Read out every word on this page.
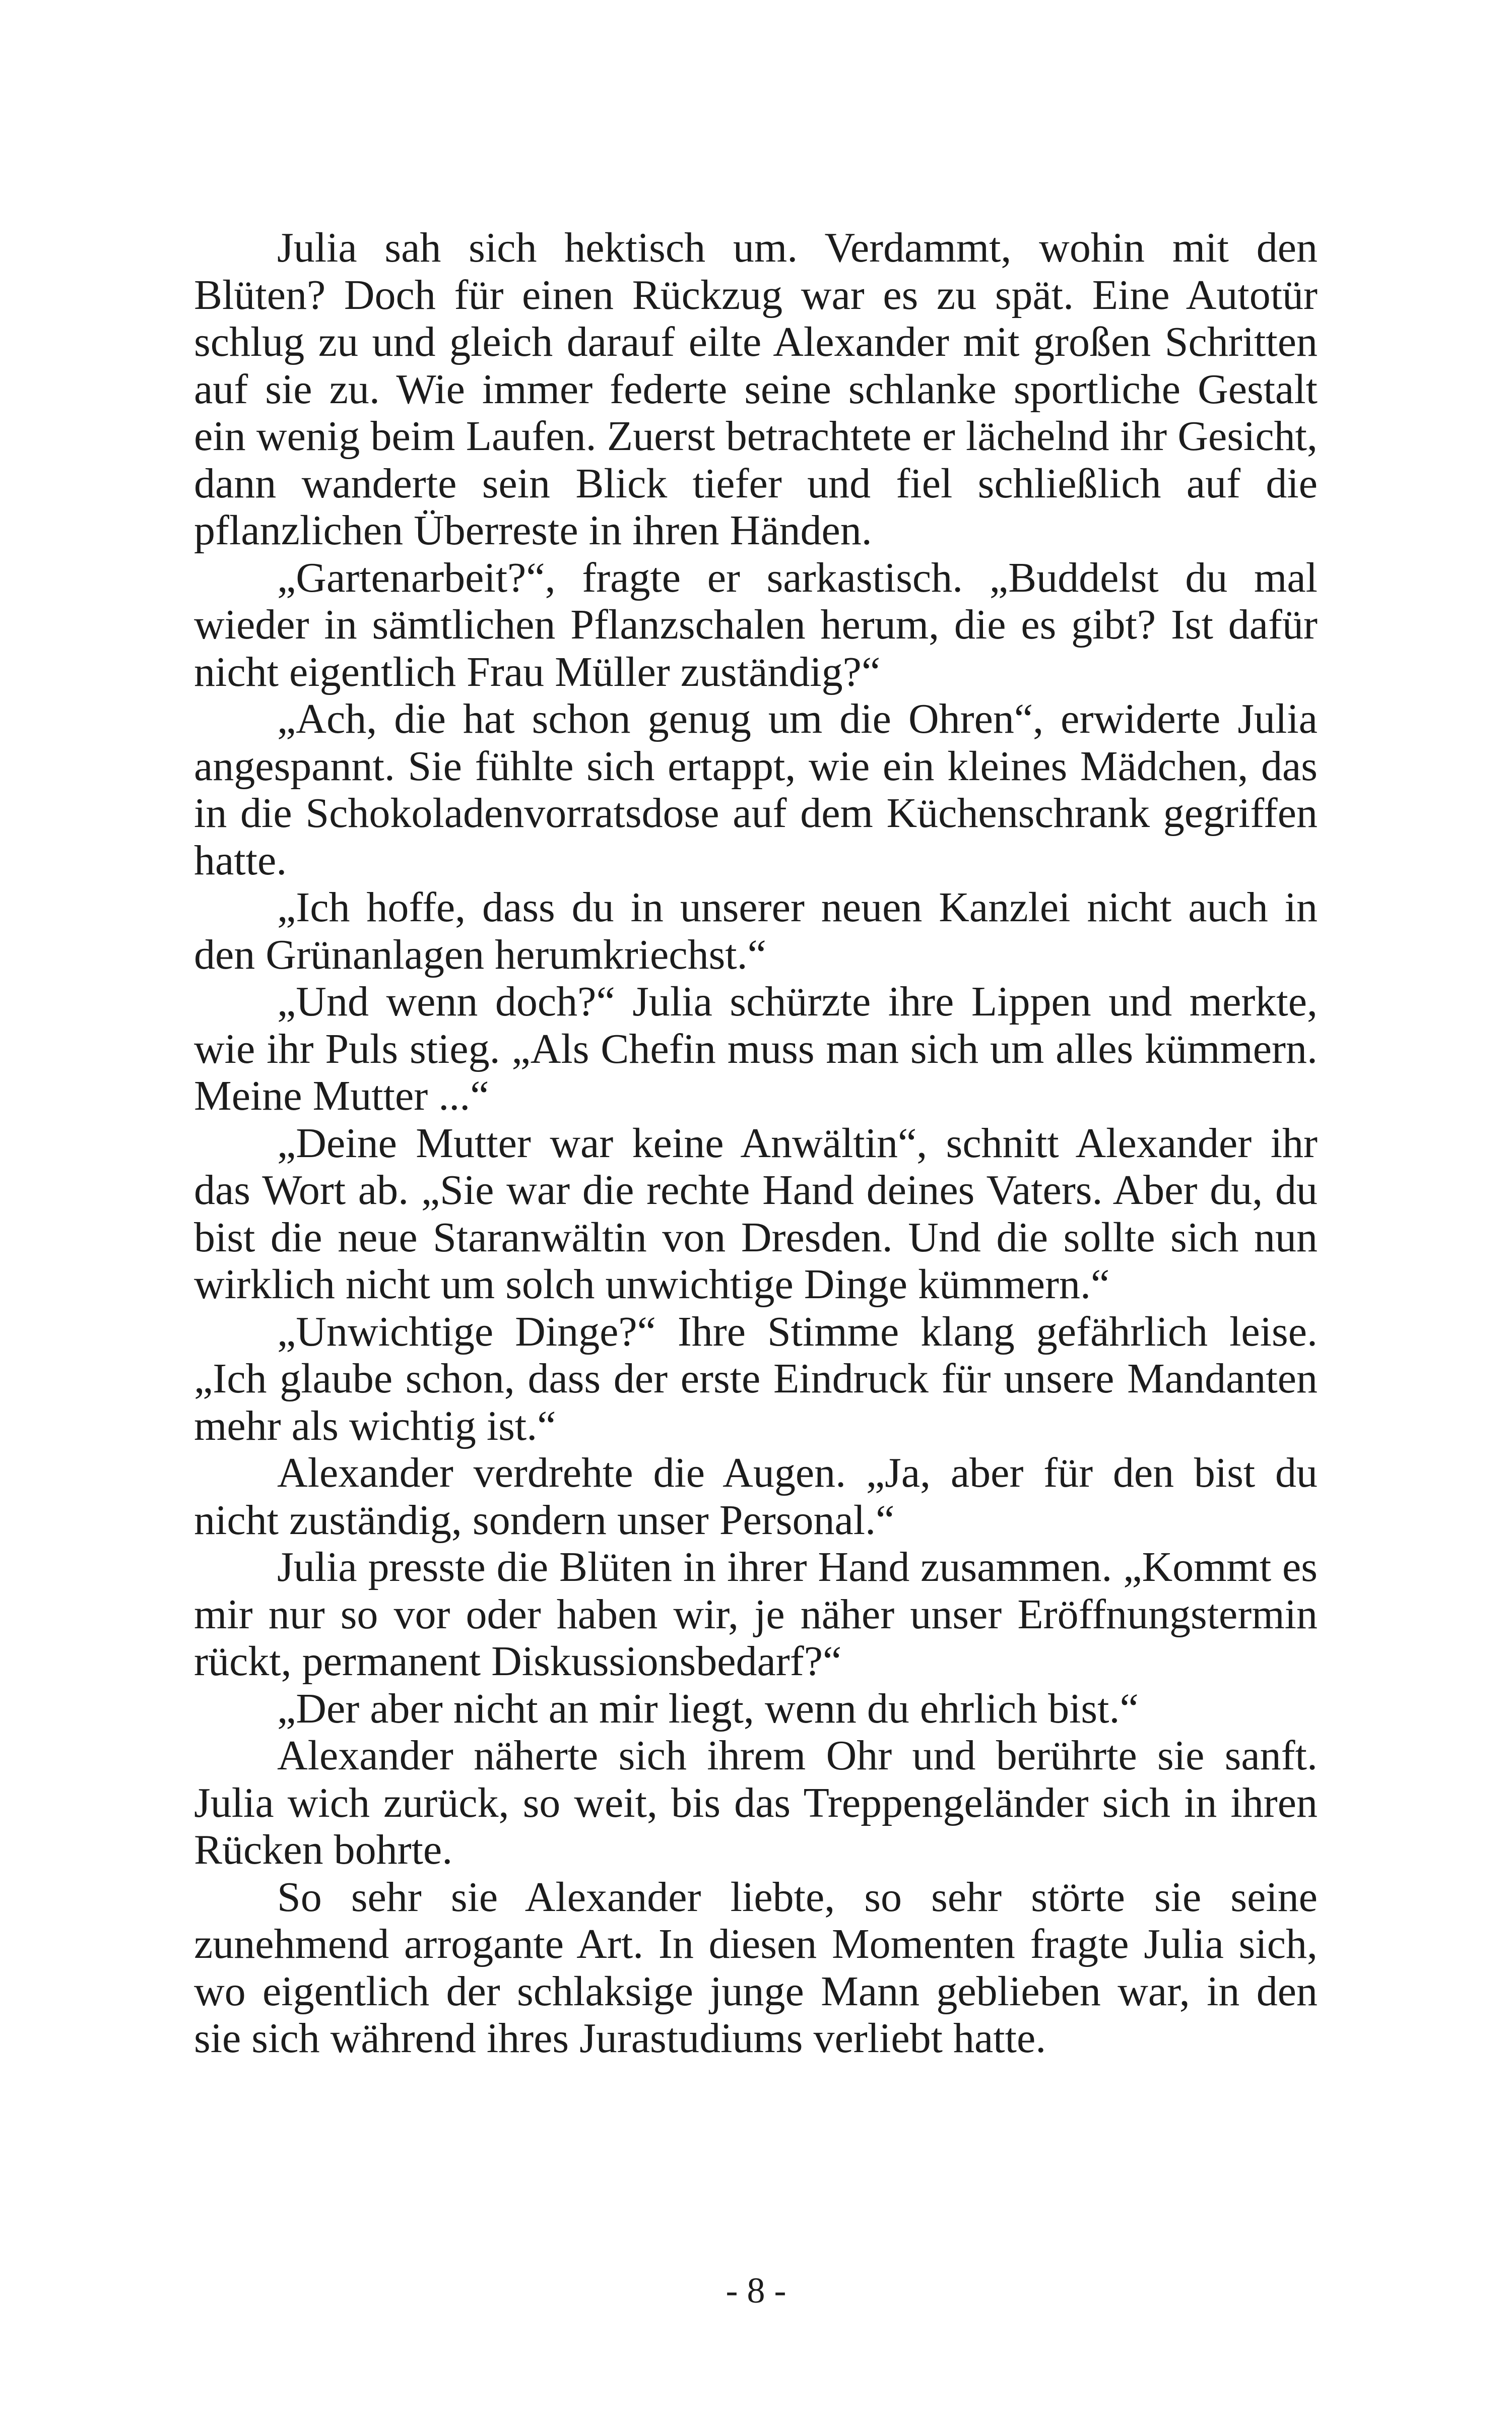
Julia sah sich hektisch um. Verdammt, wohin mit den Blüten? Doch für einen Rückzug war es zu spät. Eine Autotür schlug zu und gleich darauf eilte Alexander mit großen Schritten auf sie zu. Wie immer federte seine schlanke sportliche Gestalt ein wenig beim Laufen. Zuerst betrachtete er lächelnd ihr Gesicht, dann wanderte sein Blick tiefer und fiel schließlich auf die pflanzlichen Überreste in ihren Händen.

„Gartenarbeit?“, fragte er sarkastisch. „Buddelst du mal wieder in sämtlichen Pflanzschalen herum, die es gibt? Ist dafür nicht eigentlich Frau Müller zuständig?“

„Ach, die hat schon genug um die Ohren“, erwiderte Julia angespannt. Sie fühlte sich ertappt, wie ein kleines Mädchen, das in die Schokoladenvorratsdose auf dem Küchenschrank gegriffen hatte.

„Ich hoffe, dass du in unserer neuen Kanzlei nicht auch in den Grünanlagen herumkriechst.“

„Und wenn doch?“ Julia schürzte ihre Lippen und merkte, wie ihr Puls stieg. „Als Chefin muss man sich um alles kümmern. Meine Mutter ...“

„Deine Mutter war keine Anwältin“, schnitt Alexander ihr das Wort ab. „Sie war die rechte Hand deines Vaters. Aber du, du bist die neue Staranwältin von Dresden. Und die sollte sich nun wirklich nicht um solch unwichtige Dinge kümmern.“

„Unwichtige Dinge?“ Ihre Stimme klang gefährlich leise. „Ich glaube schon, dass der erste Eindruck für unsere Mandanten mehr als wichtig ist.“

Alexander verdrehte die Augen. „Ja, aber für den bist du nicht zuständig, sondern unser Personal.“

Julia presste die Blüten in ihrer Hand zusammen. „Kommt es mir nur so vor oder haben wir, je näher unser Eröffnungstermin rückt, permanent Diskussionsbedarf?“

„Der aber nicht an mir liegt, wenn du ehrlich bist.“

Alexander näherte sich ihrem Ohr und berührte sie sanft. Julia wich zurück, so weit, bis das Treppengeländer sich in ihren Rücken bohrte.

So sehr sie Alexander liebte, so sehr störte sie seine zunehmend arrogante Art. In diesen Momenten fragte Julia sich, wo eigentlich der schlaksige junge Mann geblieben war, in den sie sich während ihres Jurastudiums verliebt hatte.

- 8 -
